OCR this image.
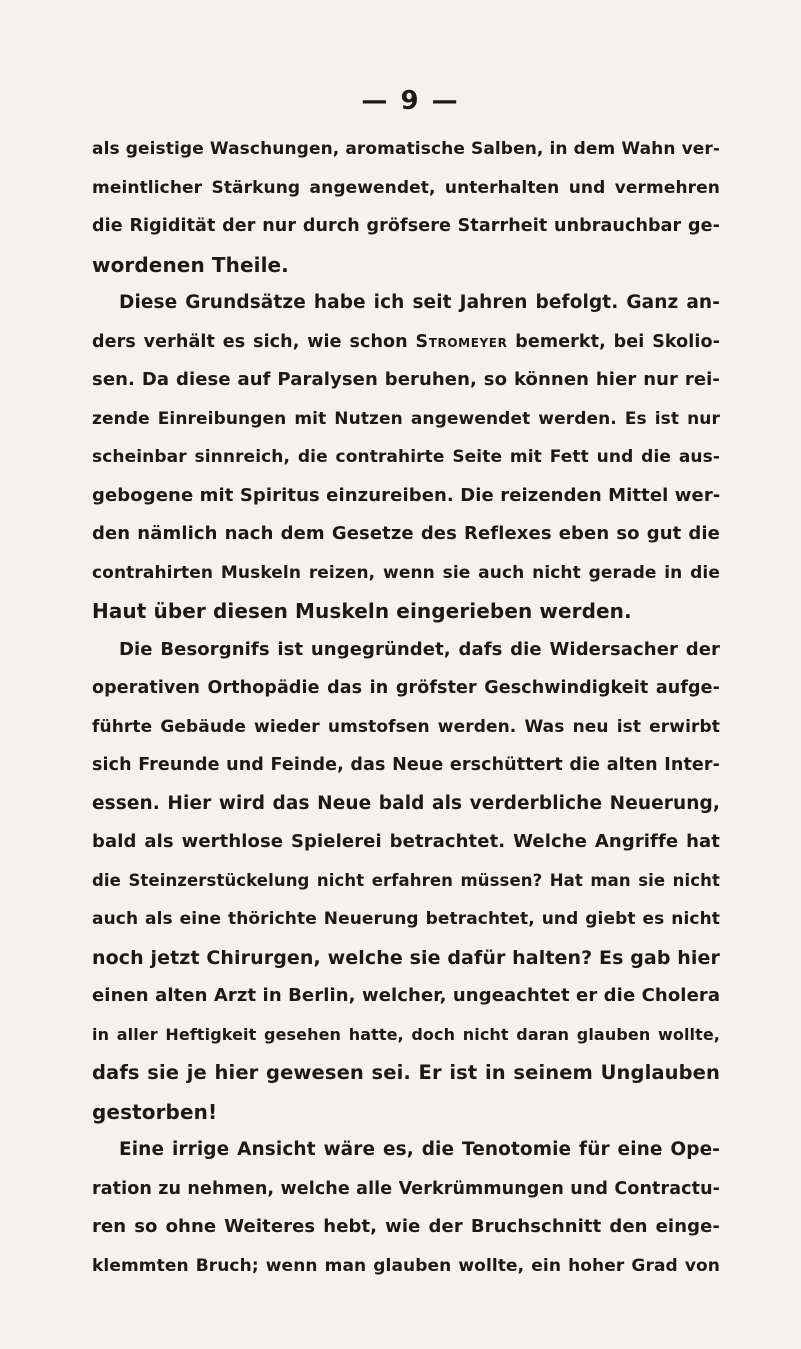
— 9 —
als geistige Waschungen, aromatische Salben, in dem Wahn ver-
meintlicher Stärkung angewendet, unterhalten und vermehren
die Rigidität der nur durch gröfsere Starrheit unbrauchbar ge-
wordenen Theile.
Diese Grundsätze habe ich seit Jahren befolgt. Ganz an-
ders verhält es sich, wie schon Stromeyer bemerkt, bei Skolio-
sen. Da diese auf Paralysen beruhen, so können hier nur rei-
zende Einreibungen mit Nutzen angewendet werden. Es ist nur
scheinbar sinnreich, die contrahirte Seite mit Fett und die aus-
gebogene mit Spiritus einzureiben. Die reizenden Mittel wer-
den nämlich nach dem Gesetze des Reflexes eben so gut die
contrahirten Muskeln reizen, wenn sie auch nicht gerade in die
Haut über diesen Muskeln eingerieben werden.
Die Besorgnifs ist ungegründet, dafs die Widersacher der
operativen Orthopädie das in gröfster Geschwindigkeit aufge-
führte Gebäude wieder umstofsen werden. Was neu ist erwirbt
sich Freunde und Feinde, das Neue erschüttert die alten Inter-
essen. Hier wird das Neue bald als verderbliche Neuerung,
bald als werthlose Spielerei betrachtet. Welche Angriffe hat
die Steinzerstückelung nicht erfahren müssen? Hat man sie nicht
auch als eine thörichte Neuerung betrachtet, und giebt es nicht
noch jetzt Chirurgen, welche sie dafür halten? Es gab hier
einen alten Arzt in Berlin, welcher, ungeachtet er die Cholera
in aller Heftigkeit gesehen hatte, doch nicht daran glauben wollte,
dafs sie je hier gewesen sei. Er ist in seinem Unglauben
gestorben!
Eine irrige Ansicht wäre es, die Tenotomie für eine Ope-
ration zu nehmen, welche alle Verkrümmungen und Contractu-
ren so ohne Weiteres hebt, wie der Bruchschnitt den einge-
klemmten Bruch; wenn man glauben wollte, ein hoher Grad von
